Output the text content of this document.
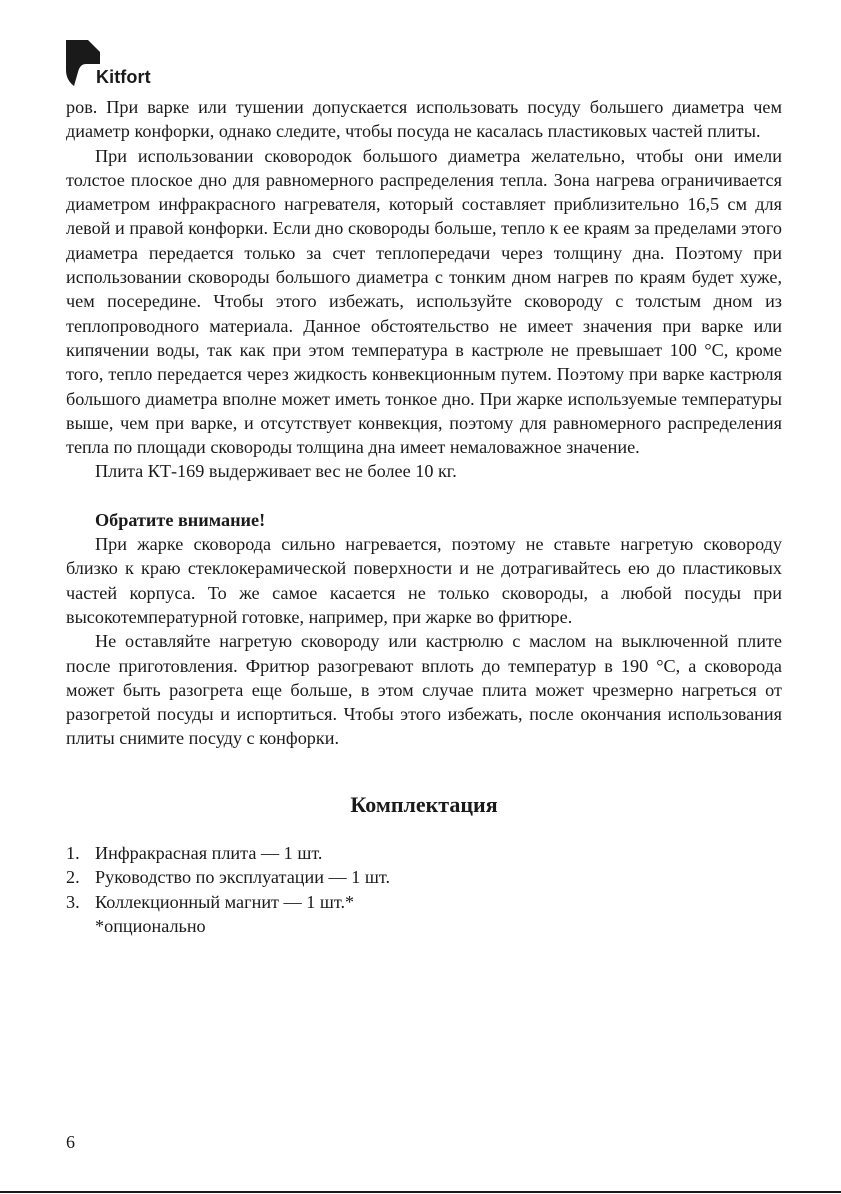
Kitfort

ров. При варке или тушении допускается использовать посуду большего диаметра чем диаметр конфорки, однако следите, чтобы посуда не касалась пластиковых частей плиты.

При использовании сковородок большого диаметра желательно, чтобы они имели толстое плоское дно для равномерного распределения тепла. Зона нагрева ограничивается диаметром инфракрасного нагревателя, который составляет приблизительно 16,5 см для левой и правой конфорки. Если дно сковороды больше, тепло к ее краям за пределами этого диаметра передается только за счет теплопередачи через толщину дна. Поэтому при использовании сковороды большого диаметра с тонким дном нагрев по краям будет хуже, чем посередине. Чтобы этого избежать, используйте сковороду с толстым дном из теплопроводного материала. Данное обстоятельство не имеет значения при варке или кипячении воды, так как при этом температура в кастрюле не превышает 100 °C, кроме того, тепло передается через жидкость конвекционным путем. Поэтому при варке кастрюля большого диаметра вполне может иметь тонкое дно. При жарке используемые температуры выше, чем при варке, и отсутствует конвекция, поэтому для равномерного распределения тепла по площади сковороды толщина дна имеет немаловажное значение.

Плита КТ-169 выдерживает вес не более 10 кг.

Обратите внимание!

При жарке сковорода сильно нагревается, поэтому не ставьте нагретую сковороду близко к краю стеклокерамической поверхности и не дотрагивайтесь ею до пластиковых частей корпуса. То же самое касается не только сковороды, а любой посуды при высокотемпературной готовке, например, при жарке во фритюре.

Не оставляйте нагретую сковороду или кастрюлю с маслом на выключенной плите после приготовления. Фритюр разогревают вплоть до температур в 190 °C, а сковорода может быть разогрета еще больше, в этом случае плита может чрезмерно нагреться от разогретой посуды и испортиться. Чтобы этого избежать, после окончания использования плиты снимите посуду с конфорки.

Комплектация
1. Инфракрасная плита — 1 шт.
2. Руководство по эксплуатации — 1 шт.
3. Коллекционный магнит — 1 шт.*
*опционально
6
